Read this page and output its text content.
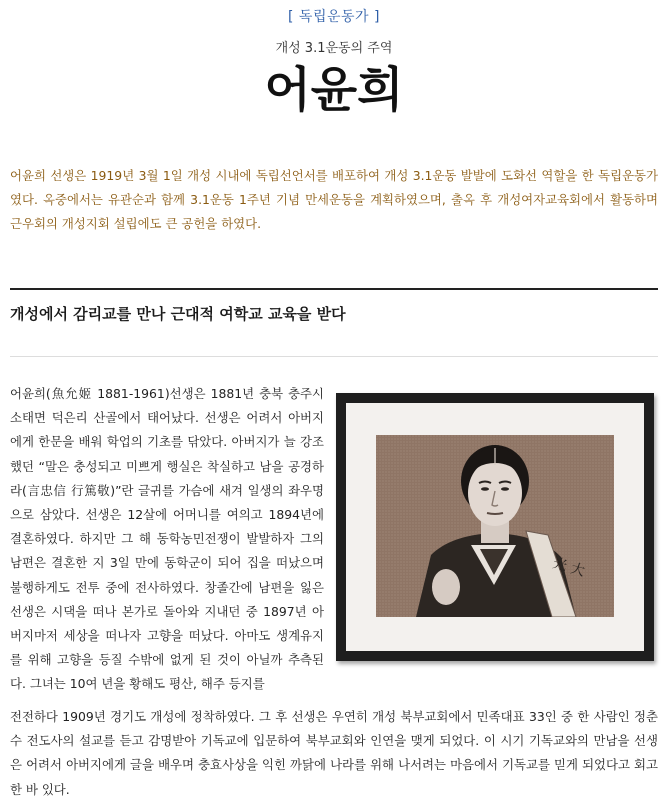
[ 독립운동가 ]
개성 3.1운동의 주역
어윤희
어윤희 선생은 1919년 3월 1일 개성 시내에 독립선언서를 배포하여 개성 3.1운동 발발에 도화선 역할을 한 독립운동가였다. 옥중에서는 유관순과 함께 3.1운동 1주년 기념 만세운동을 계획하였으며, 출옥 후 개성여자교육회에서 활동하며 근우회의 개성지회 설립에도 큰 공헌을 하였다.
개성에서 감리교를 만나 근대적 여학교 교육을 받다
어윤희(魚允姬 1881-1961)선생은 1881년 충북 충주시 소태면 덕은리 산골에서 태어났다. 선생은 어려서 아버지에게 한문을 배워 학업의 기초를 닦았다. 아버지가 늘 강조했던 “말은 충성되고 미쁘게 행실은 착실하고 남을 공경하라(言忠信 行篤敬)”란 글귀를 가슴에 새겨 일생의 좌우명으로 삼았다. 선생은 12살에 어머니를 여의고 1894년에 결혼하였다. 하지만 그 해 동학농민전쟁이 발발하자 그의 남편은 결혼한 지 3일 만에 동학군이 되어 집을 떠났으며 불행하게도 전투 중에 전사하였다. 창졸간에 남편을 잃은 선생은 시댁을 떠나 본가로 돌아와 지내던 중 1897년 아버지마저 세상을 떠나자 고향을 떠났다. 아마도 생계유지를 위해 고향을 등질 수밖에 없게 된 것이 아닐까 추측된다. 그녀는 10여 년을 황해도 평산, 해주 등지를
光 大
전전하다 1909년 경기도 개성에 정착하였다. 그 후 선생은 우연히 개성 북부교회에서 민족대표 33인 중 한 사람인 정춘수 전도사의 설교를 듣고 감명받아 기독교에 입문하여 북부교회와 인연을 맺게 되었다. 이 시기 기독교와의 만남을 선생은 어려서 아버지에게 글을 배우며 충효사상을 익힌 까닭에 나라를 위해 나서려는 마음에서 기독교를 믿게 되었다고 회고한 바 있다.
